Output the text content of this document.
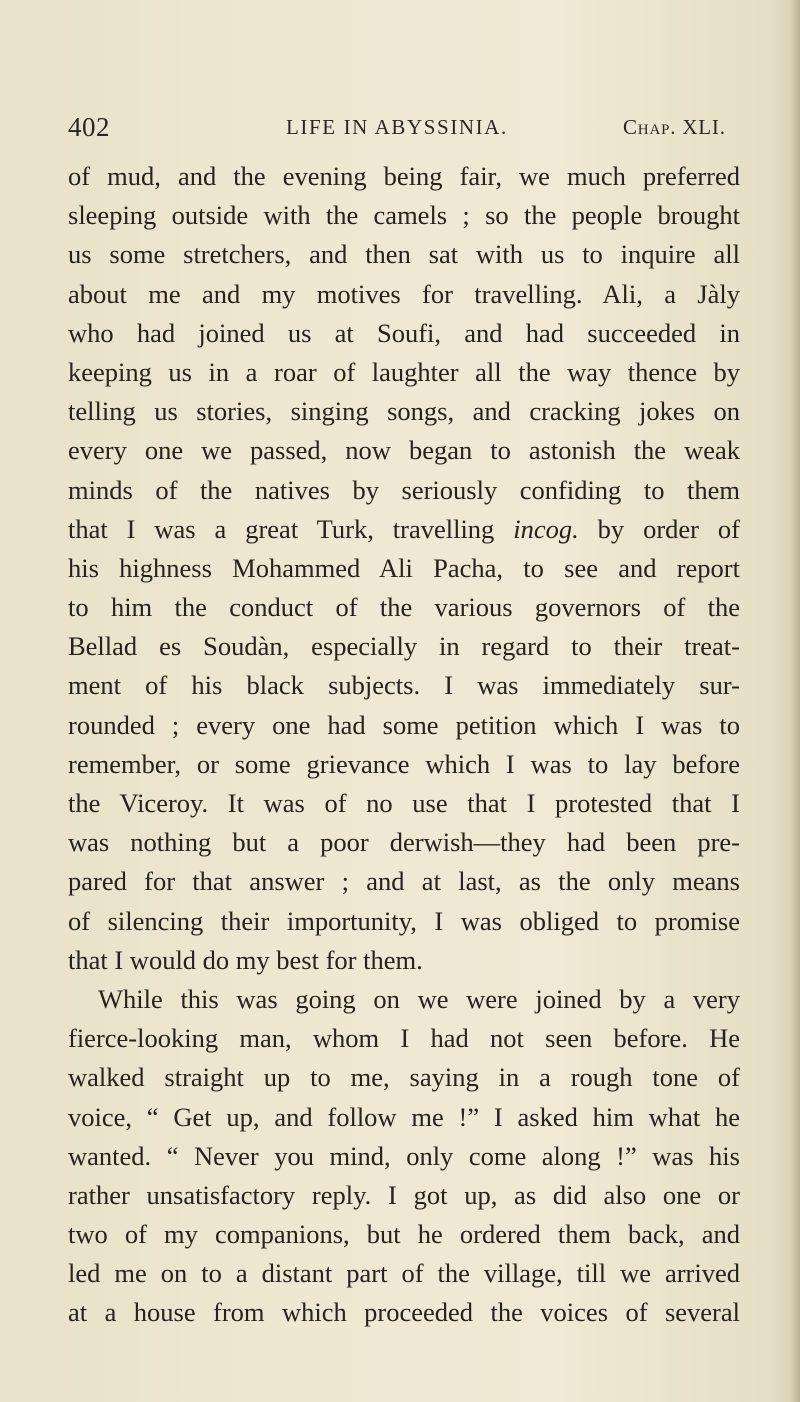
402	LIFE IN ABYSSINIA.	Chap. XLI.
of mud, and the evening being fair, we much preferred
sleeping outside with the camels ; so the people brought
us some stretchers, and then sat with us to inquire all
about me and my motives for travelling. Ali, a Jàly
who had joined us at Soufi, and had succeeded in
keeping us in a roar of laughter all the way thence by
telling us stories, singing songs, and cracking jokes on
every one we passed, now began to astonish the weak
minds of the natives by seriously confiding to them
that I was a great Turk, travelling incog. by order of
his highness Mohammed Ali Pacha, to see and report
to him the conduct of the various governors of the
Bellad es Soudàn, especially in regard to their treat-
ment of his black subjects. I was immediately sur-
rounded ; every one had some petition which I was to
remember, or some grievance which I was to lay before
the Viceroy. It was of no use that I protested that I
was nothing but a poor derwish—they had been pre-
pared for that answer ; and at last, as the only means
of silencing their importunity, I was obliged to promise
that I would do my best for them.
While this was going on we were joined by a very
fierce-looking man, whom I had not seen before. He
walked straight up to me, saying in a rough tone of
voice, “ Get up, and follow me !” I asked him what he
wanted. “ Never you mind, only come along !” was his
rather unsatisfactory reply. I got up, as did also one or
two of my companions, but he ordered them back, and
led me on to a distant part of the village, till we arrived
at a house from which proceeded the voices of several
